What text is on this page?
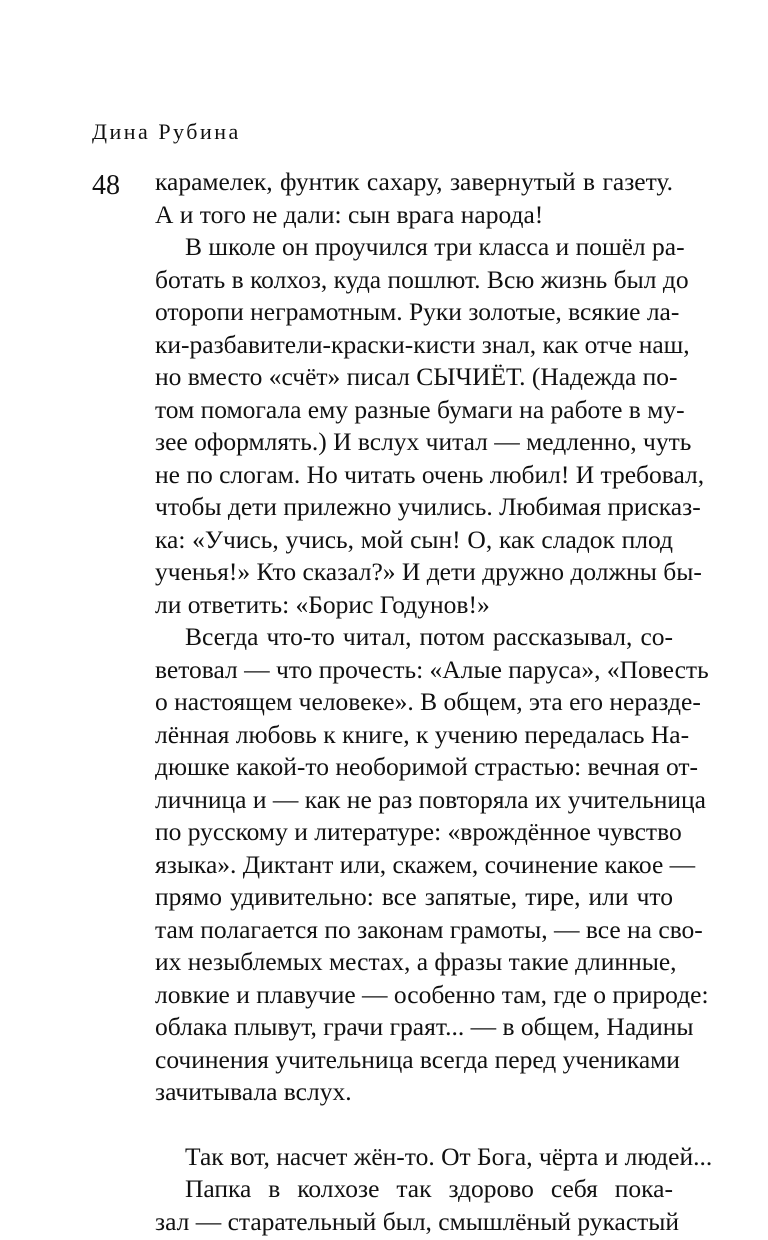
Дина Рубина
48 карамелек, фунтик сахару, завернутый в газету.
А и того не дали: сын врага народа!
В школе он проучился три класса и пошёл ра-
ботать в колхоз, куда пошлют. Всю жизнь был до
оторопи неграмотным. Руки золотые, всякие ла-
ки-разбавители-краски-кисти знал, как отче наш,
но вместо «счёт» писал СЫЧИЁТ. (Надежда по-
том помогала ему разные бумаги на работе в му-
зее оформлять.) И вслух читал — медленно, чуть
не по слогам. Но читать очень любил! И требовал,
чтобы дети прилежно учились. Любимая присказ-
ка: «Учись, учись, мой сын! О, как сладок плод
ученья!» Кто сказал?» И дети дружно должны бы-
ли ответить: «Борис Годунов!»
Всегда что-то читал, потом рассказывал, со-
ветовал — что прочесть: «Алые паруса», «Повесть
о настоящем человеке». В общем, эта его нераздe-
лённая любовь к книге, к учению передалась На-
дюшке какой-то необоримой страстью: вечная от-
личница и — как не раз повторяла их учительница
по русскому и литературе: «врождённое чувство
языка». Диктант или, скажем, сочинение какое —
прямо удивительно: все запятые, тире, или что
там полагается по законам грамоты, — все на сво-
их незыблемых местах, а фразы такие длинные,
ловкие и плавучие — особенно там, где о природе:
облака плывут, грачи граят... — в общем, Надины
сочинения учительница всегда перед учениками
зачитывала вслух.
Так вот, насчет жён-то. От Бога, чёрта и людей...
Папка в колхозе так здорово себя пока-
зал — старательный был, смышлёный рукастый
